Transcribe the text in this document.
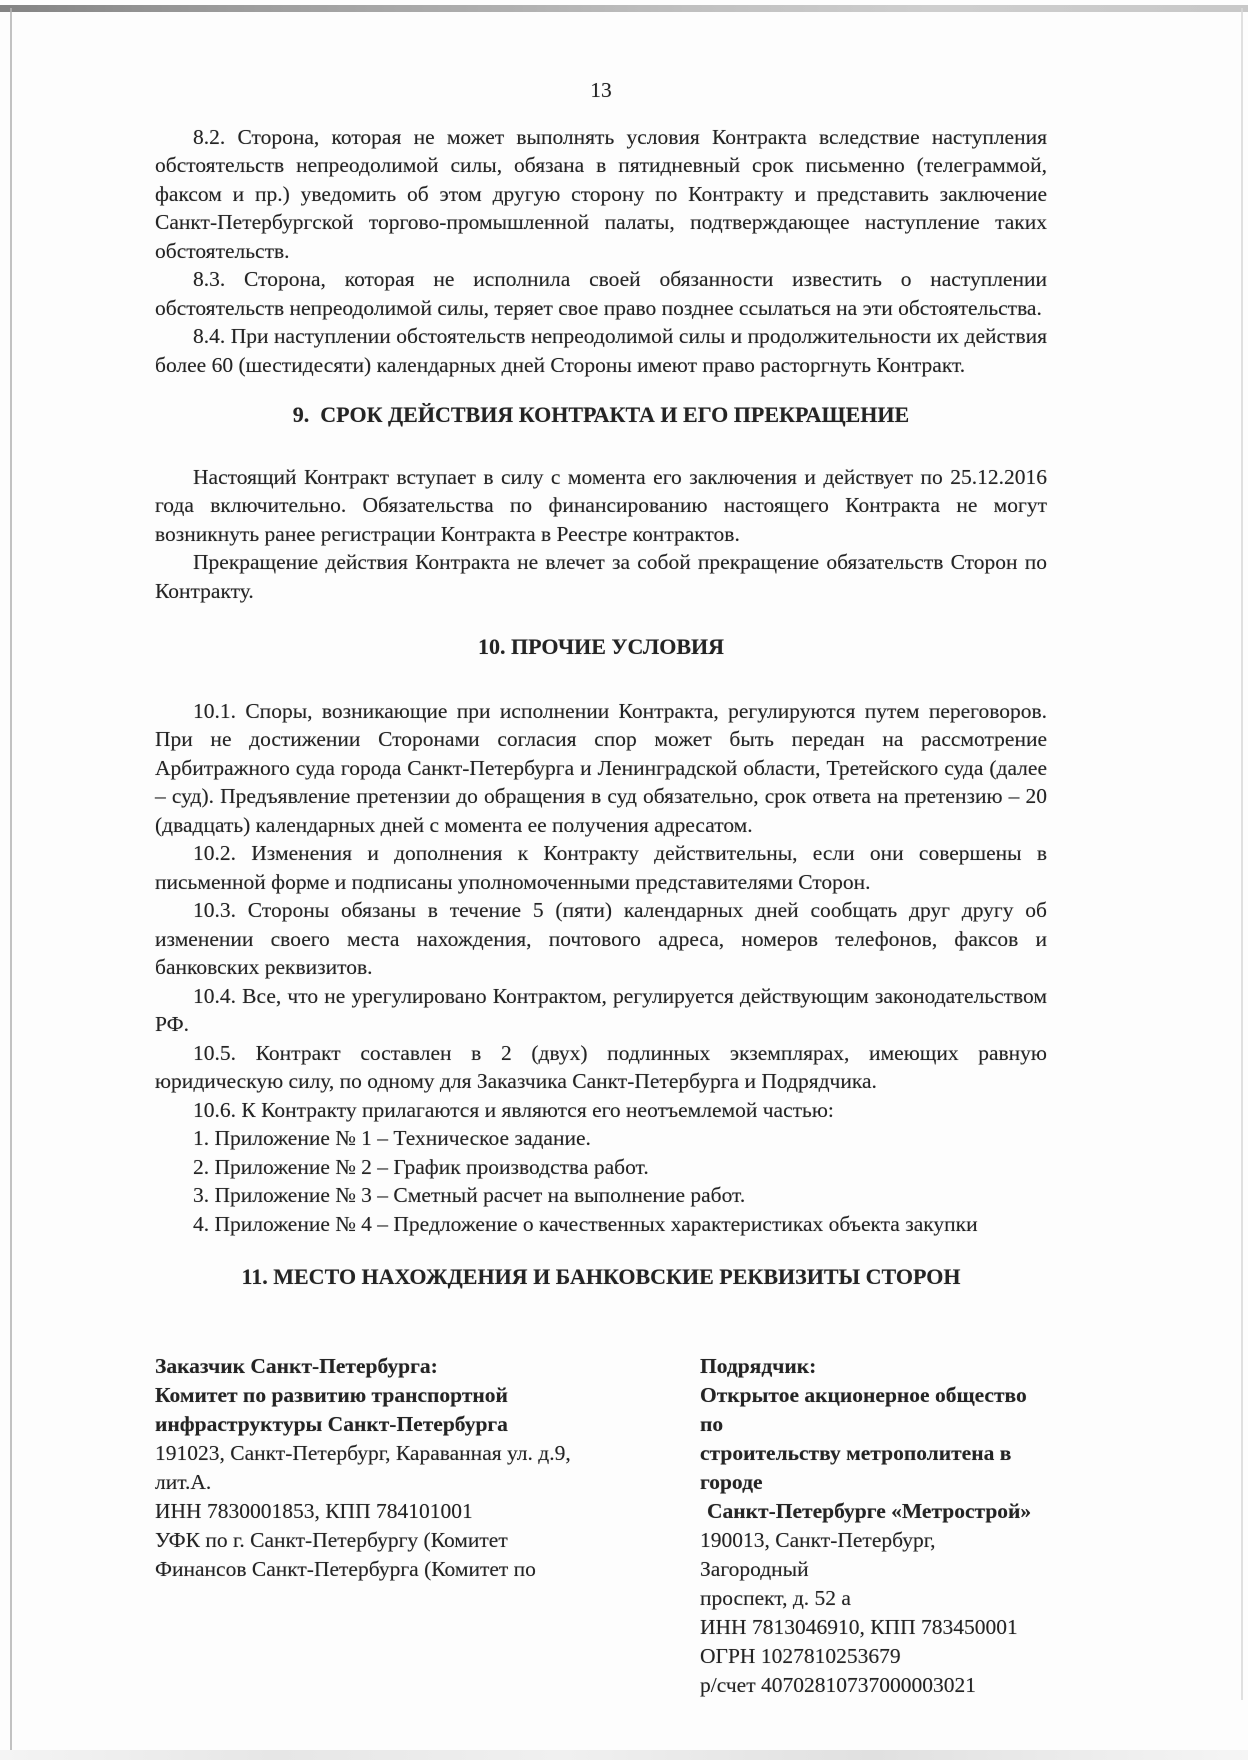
13

8.2. Сторона, которая не может выполнять условия Контракта вследствие наступления обстоятельств непреодолимой силы, обязана в пятидневный срок письменно (телеграммой, факсом и пр.) уведомить об этом другую сторону по Контракту и представить заключение Санкт-Петербургской торгово-промышленной палаты, подтверждающее наступление таких обстоятельств.

8.3. Сторона, которая не исполнила своей обязанности известить о наступлении обстоятельств непреодолимой силы, теряет свое право позднее ссылаться на эти обстоятельства.

8.4. При наступлении обстоятельств непреодолимой силы и продолжительности их действия более 60 (шестидесяти) календарных дней Стороны имеют право расторгнуть Контракт.

9.  СРОК ДЕЙСТВИЯ КОНТРАКТА И ЕГО ПРЕКРАЩЕНИЕ

Настоящий Контракт вступает в силу с момента его заключения и действует по 25.12.2016 года включительно. Обязательства по финансированию настоящего Контракта не могут возникнуть ранее регистрации Контракта в Реестре контрактов.

Прекращение действия Контракта не влечет за собой прекращение обязательств Сторон по Контракту.

10. ПРОЧИЕ УСЛОВИЯ

10.1. Споры, возникающие при исполнении Контракта, регулируются путем переговоров. При не достижении Сторонами согласия спор может быть передан на рассмотрение Арбитражного суда города Санкт-Петербурга и Ленинградской области, Третейского суда (далее – суд). Предъявление претензии до обращения в суд обязательно, срок ответа на претензию – 20 (двадцать) календарных дней с момента ее получения адресатом.

10.2. Изменения и дополнения к Контракту действительны, если они совершены в письменной форме и подписаны уполномоченными представителями Сторон.

10.3. Стороны обязаны в течение 5 (пяти) календарных дней сообщать друг другу об изменении своего места нахождения, почтового адреса, номеров телефонов, факсов и банковских реквизитов.

10.4. Все, что не урегулировано Контрактом, регулируется действующим законодательством РФ.

10.5. Контракт составлен в 2 (двух) подлинных экземплярах, имеющих равную юридическую силу, по одному для Заказчика Санкт-Петербурга и Подрядчика.

10.6. К Контракту прилагаются и являются его неотъемлемой частью:

1. Приложение № 1 – Техническое задание.

2. Приложение № 2 – График производства работ.

3. Приложение № 3 – Сметный расчет на выполнение работ.

4. Приложение № 4 – Предложение о качественных характеристиках объекта закупки

11. МЕСТО НАХОЖДЕНИЯ И БАНКОВСКИЕ РЕКВИЗИТЫ СТОРОН

Заказчик Санкт-Петербурга:

Комитет по развитию транспортной

инфраструктуры Санкт-Петербурга

191023, Санкт-Петербург, Караванная ул. д.9,

лит.А.

ИНН 7830001853, КПП 784101001

УФК по г. Санкт-Петербургу (Комитет

Финансов Санкт-Петербурга (Комитет по

Подрядчик:

Открытое акционерное общество по

строительству метрополитена в городе

Санкт-Петербурге «Метрострой»

190013, Санкт-Петербург, Загородный

проспект, д. 52 а

ИНН 7813046910, КПП 783450001

ОГРН 1027810253679

р/счет 40702810737000003021
